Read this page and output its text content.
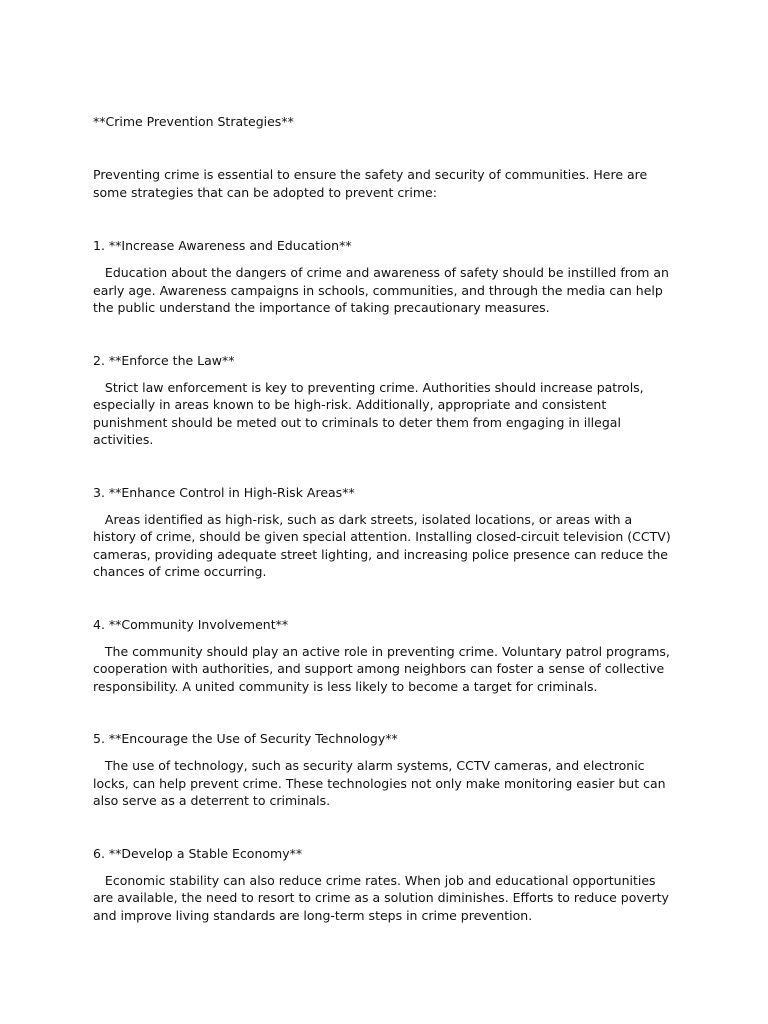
**Crime Prevention Strategies**

Preventing crime is essential to ensure the safety and security of communities. Here are some strategies that can be adopted to prevent crime:

1. **Increase Awareness and Education**

Education about the dangers of crime and awareness of safety should be instilled from an early age. Awareness campaigns in schools, communities, and through the media can help the public understand the importance of taking precautionary measures.

2. **Enforce the Law**

Strict law enforcement is key to preventing crime. Authorities should increase patrols, especially in areas known to be high-risk. Additionally, appropriate and consistent punishment should be meted out to criminals to deter them from engaging in illegal activities.

3. **Enhance Control in High-Risk Areas**

Areas identified as high-risk, such as dark streets, isolated locations, or areas with a history of crime, should be given special attention. Installing closed-circuit television (CCTV) cameras, providing adequate street lighting, and increasing police presence can reduce the chances of crime occurring.

4. **Community Involvement**

The community should play an active role in preventing crime. Voluntary patrol programs, cooperation with authorities, and support among neighbors can foster a sense of collective responsibility. A united community is less likely to become a target for criminals.

5. **Encourage the Use of Security Technology**

The use of technology, such as security alarm systems, CCTV cameras, and electronic locks, can help prevent crime. These technologies not only make monitoring easier but can also serve as a deterrent to criminals.

6. **Develop a Stable Economy**

Economic stability can also reduce crime rates. When job and educational opportunities are available, the need to resort to crime as a solution diminishes. Efforts to reduce poverty and improve living standards are long-term steps in crime prevention.
